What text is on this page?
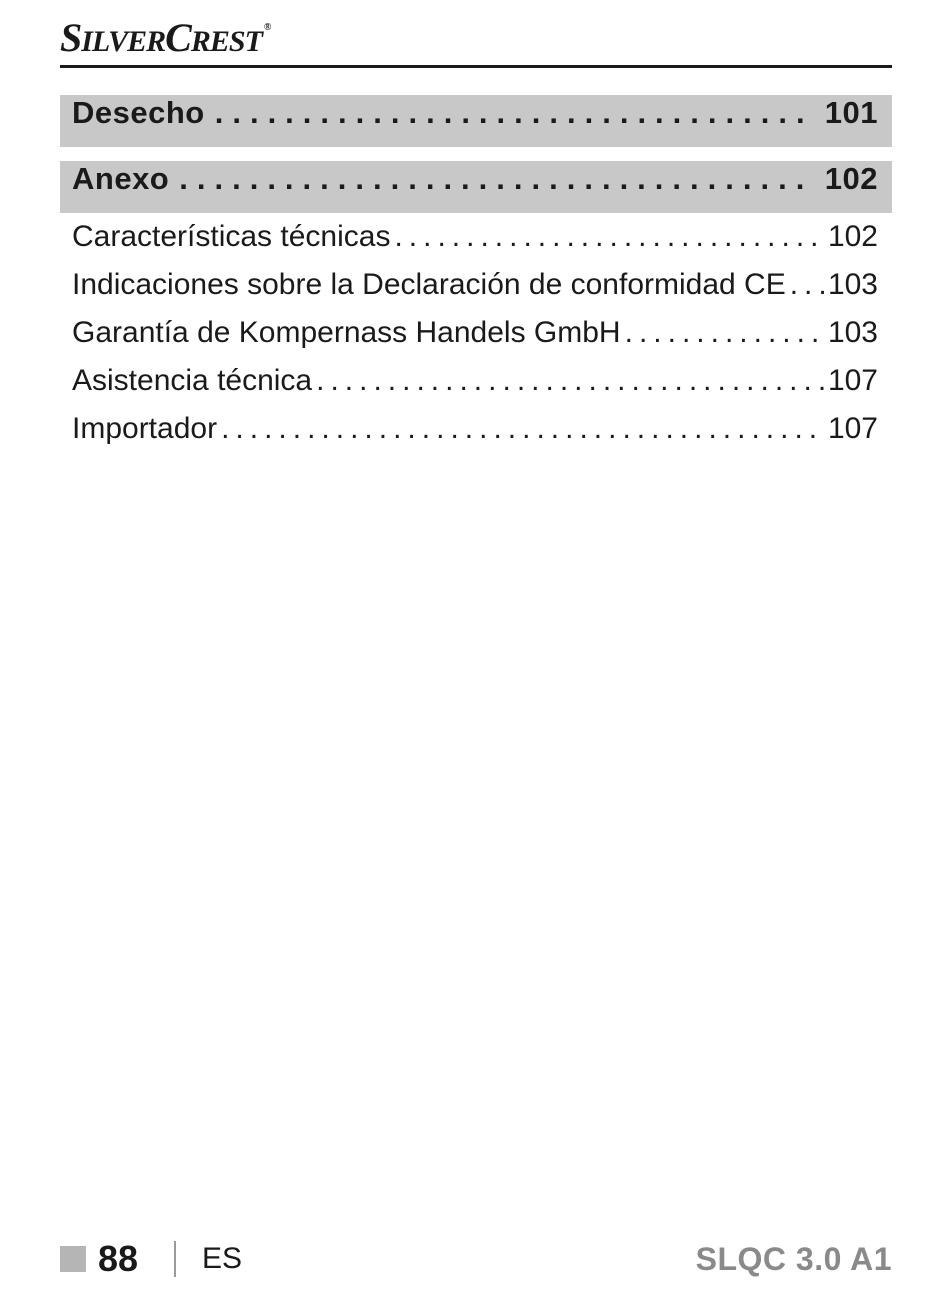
SILVERCREST ®
Desecho .....	101
Anexo .....	102
Características técnicas .....	102
Indicaciones sobre la Declaración de conformidad CE ..... 103
Garantía de Kompernass Handels GmbH .....	103
Asistencia técnica .....	107
Importador .....	107
88 ES	SLQC 3.0 A1
